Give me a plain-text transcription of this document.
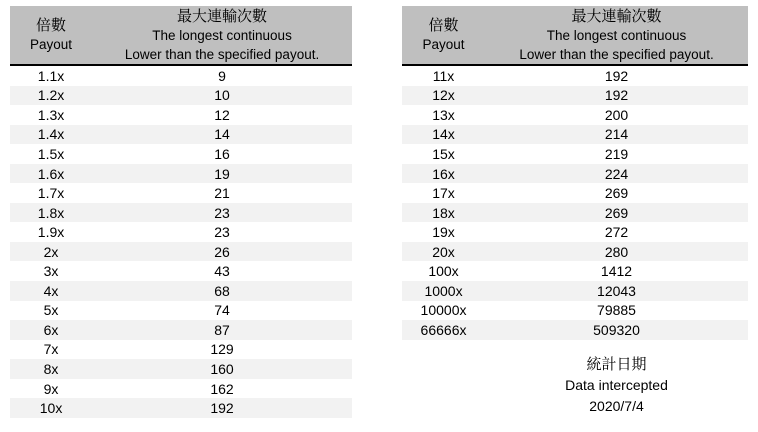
倍數
Payout
最大連輸次數
The longest continuous
Lower than the specified payout.
1.1x	9
1.2x	10
1.3x	12
1.4x	14
1.5x	16
1.6x	19
1.7x	21
1.8x	23
1.9x	23
2x	26
3x	43
4x	68
5x	74
6x	87
7x	129
8x	160
9x	162
10x	192
倍數
Payout
最大連輸次數
The longest continuous
Lower than the specified payout.
11x	192
12x	192
13x	200
14x	214
15x	219
16x	224
17x	269
18x	269
19x	272
20x	280
100x	1412
1000x	12043
10000x	79885
66666x	509320
統計日期
Data intercepted
2020/7/4
